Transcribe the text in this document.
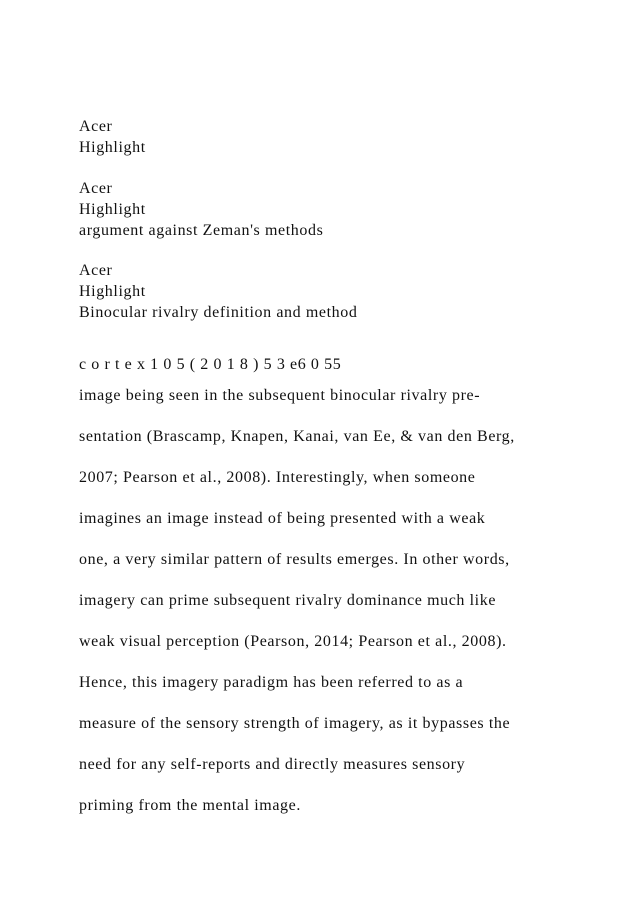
Acer
Highlight
Acer
Highlight
argument against Zeman's methods
Acer
Highlight
Binocular rivalry definition and method
c o r t e x 1 0 5 ( 2 0 1 8 ) 5 3 e6 0 55
image being seen in the subsequent binocular rivalry pre-
sentation (Brascamp, Knapen, Kanai, van Ee, & van den Berg,
2007; Pearson et al., 2008). Interestingly, when someone
imagines an image instead of being presented with a weak
one, a very similar pattern of results emerges. In other words,
imagery can prime subsequent rivalry dominance much like
weak visual perception (Pearson, 2014; Pearson et al., 2008).
Hence, this imagery paradigm has been referred to as a
measure of the sensory strength of imagery, as it bypasses the
need for any self-reports and directly measures sensory
priming from the mental image.
